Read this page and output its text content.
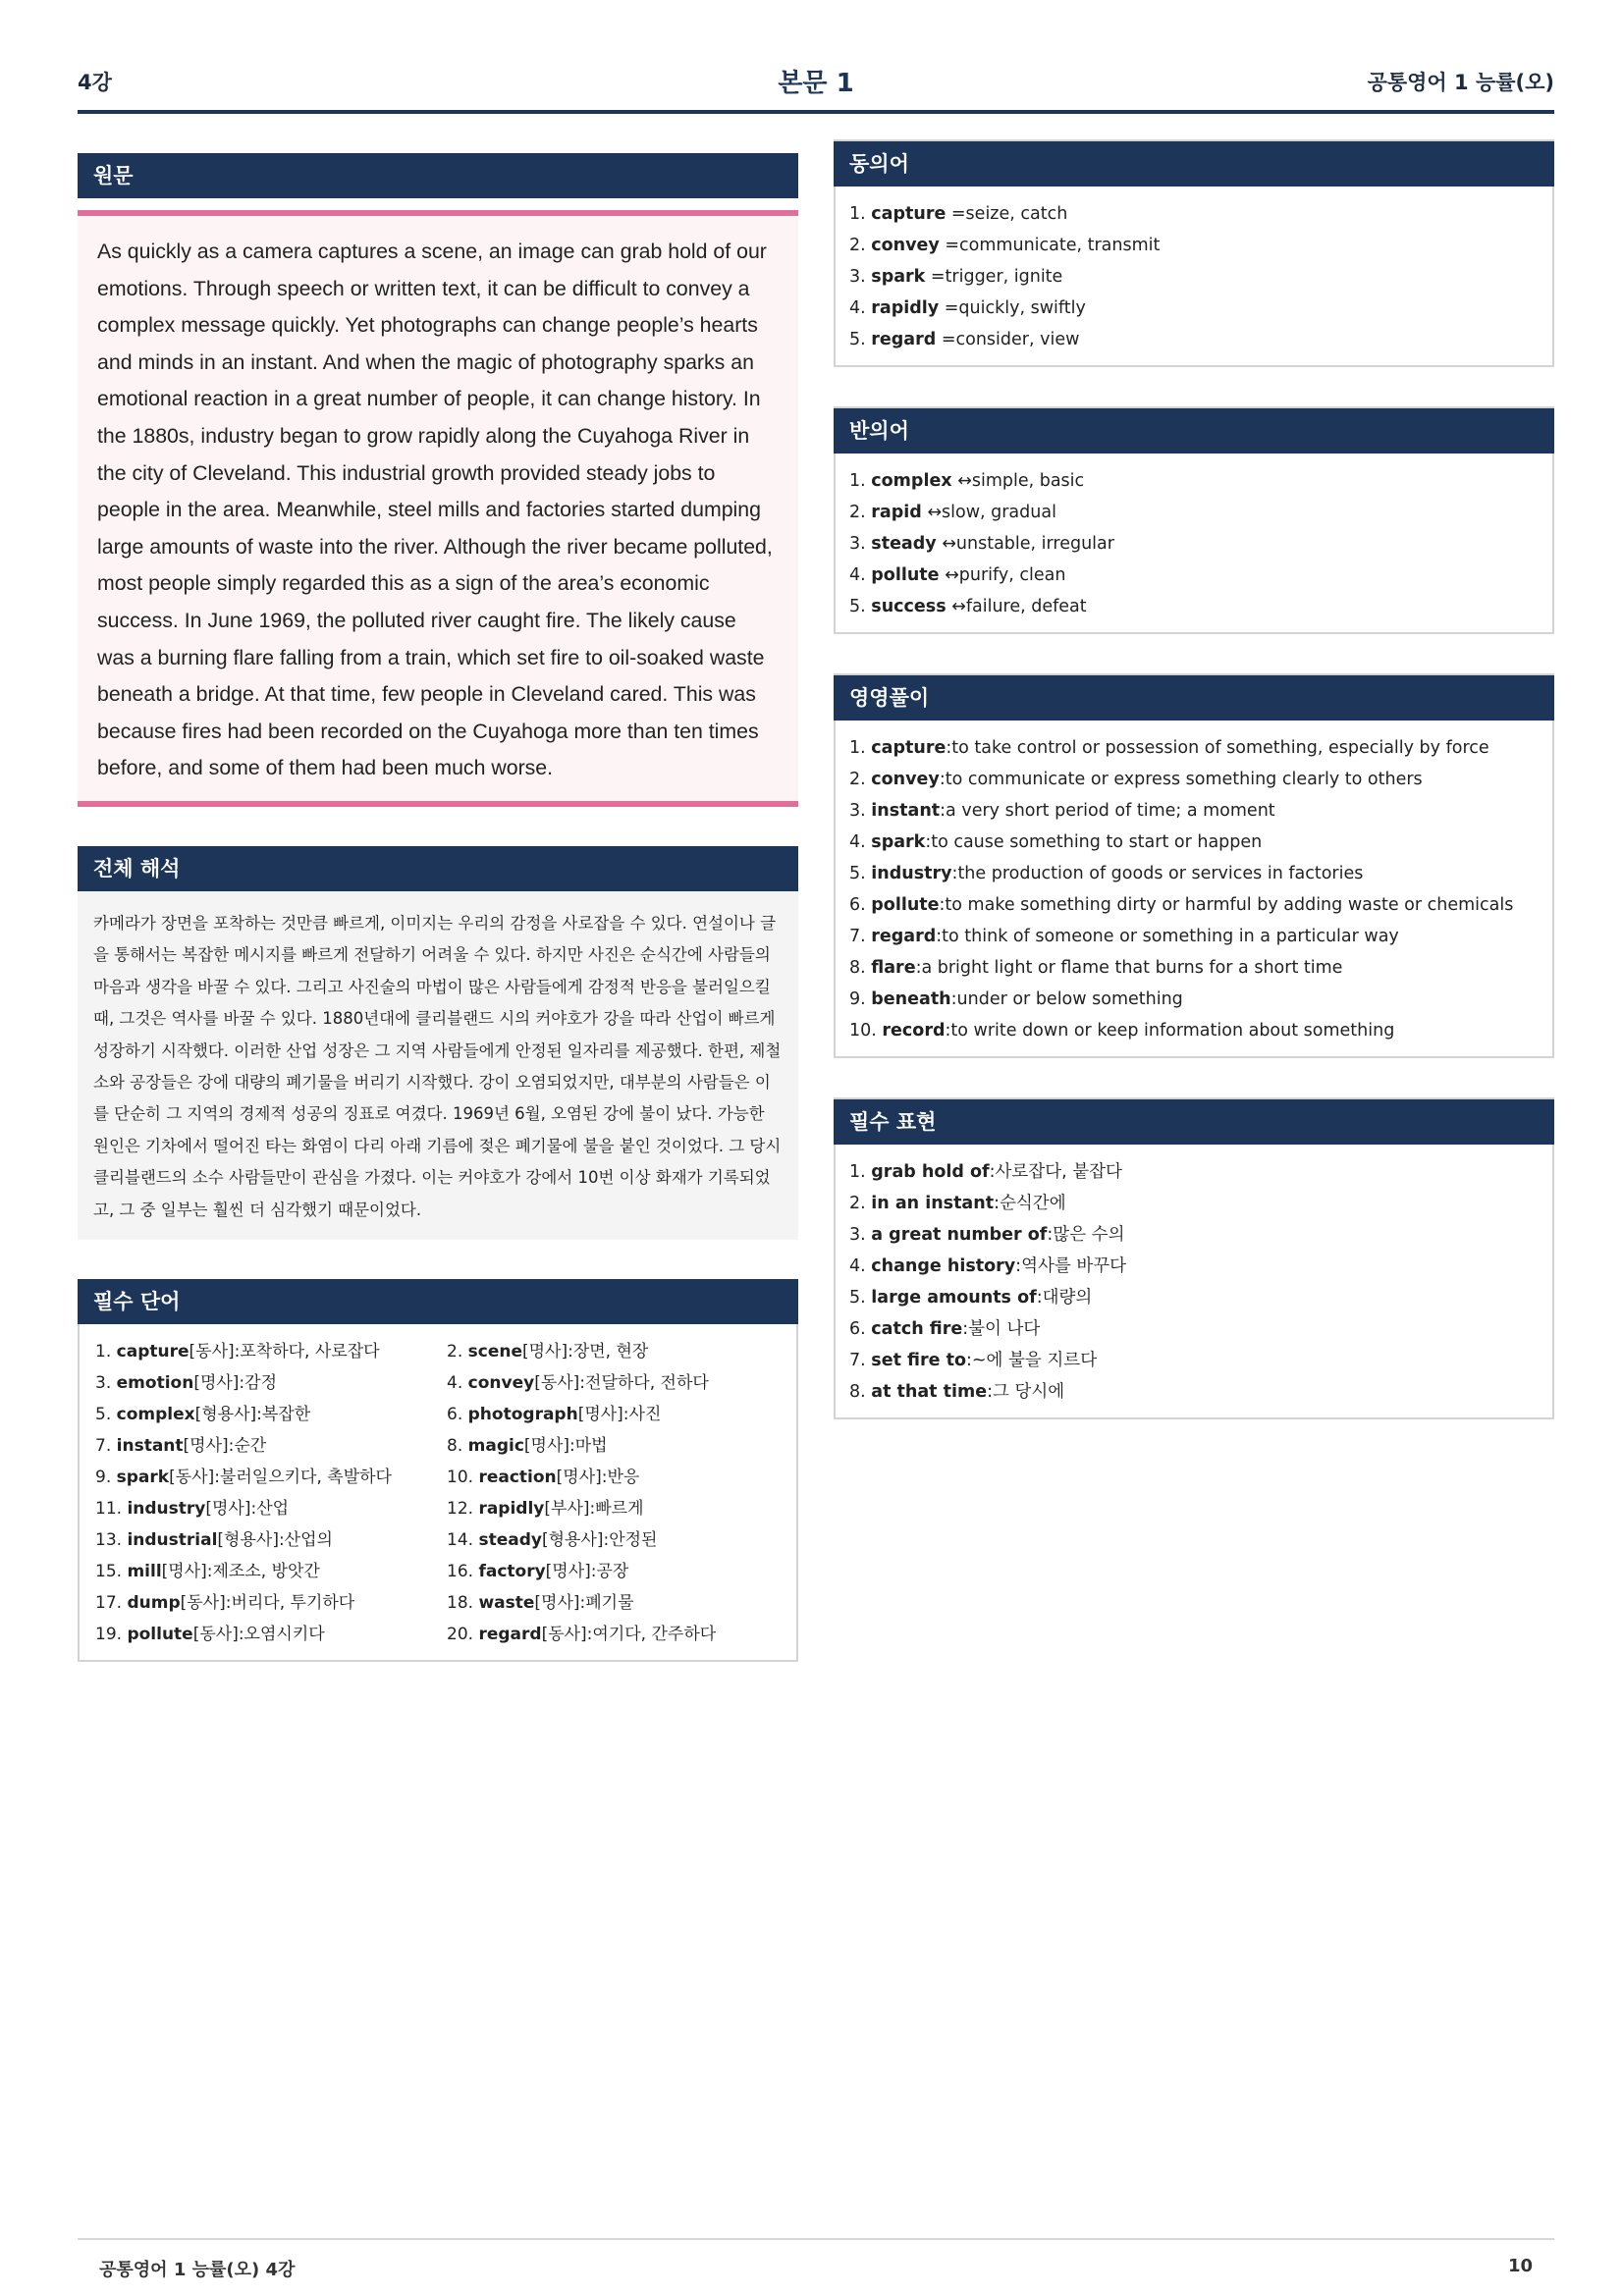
4강	본문 1	공통영어 1 능률(오)
원문
As quickly as a camera captures a scene, an image can grab hold of our emotions. Through speech or written text, it can be difficult to convey a complex message quickly. Yet photographs can change people’s hearts and minds in an instant. And when the magic of photography sparks an emotional reaction in a great number of people, it can change history. In the 1880s, industry began to grow rapidly along the Cuyahoga River in the city of Cleveland. This industrial growth provided steady jobs to people in the area. Meanwhile, steel mills and factories started dumping large amounts of waste into the river. Although the river became polluted, most people simply regarded this as a sign of the area’s economic success. In June 1969, the polluted river caught fire. The likely cause was a burning flare falling from a train, which set fire to oil-soaked waste beneath a bridge. At that time, few people in Cleveland cared. This was because fires had been recorded on the Cuyahoga more than ten times before, and some of them had been much worse.
전체 해석
카메라가 장면을 포착하는 것만큼 빠르게, 이미지는 우리의 감정을 사로잡을 수 있다. 연설이나 글을 통해서는 복잡한 메시지를 빠르게 전달하기 어려울 수 있다. 하지만 사진은 순식간에 사람들의 마음과 생각을 바꿀 수 있다. 그리고 사진술의 마법이 많은 사람들에게 감정적 반응을 불러일으킬 때, 그것은 역사를 바꿀 수 있다. 1880년대에 클리블랜드 시의 커야호가 강을 따라 산업이 빠르게 성장하기 시작했다. 이러한 산업 성장은 그 지역 사람들에게 안정된 일자리를 제공했다. 한편, 제철소와 공장들은 강에 대량의 폐기물을 버리기 시작했다. 강이 오염되었지만, 대부분의 사람들은 이를 단순히 그 지역의 경제적 성공의 징표로 여겼다. 1969년 6월, 오염된 강에 불이 났다. 가능한 원인은 기차에서 떨어진 타는 화염이 다리 아래 기름에 젖은 폐기물에 불을 붙인 것이었다. 그 당시 클리블랜드의 소수 사람들만이 관심을 가졌다. 이는 커야호가 강에서 10번 이상 화재가 기록되었고, 그 중 일부는 훨씬 더 심각했기 때문이었다.
필수 단어
1. capture[동사]:포착하다, 사로잡다	2. scene[명사]:장면, 현장
3. emotion[명사]:감정	4. convey[동사]:전달하다, 전하다
5. complex[형용사]:복잡한	6. photograph[명사]:사진
7. instant[명사]:순간	8. magic[명사]:마법
9. spark[동사]:불러일으키다, 촉발하다	10. reaction[명사]:반응
11. industry[명사]:산업	12. rapidly[부사]:빠르게
13. industrial[형용사]:산업의	14. steady[형용사]:안정된
15. mill[명사]:제조소, 방앗간	16. factory[명사]:공장
17. dump[동사]:버리다, 투기하다	18. waste[명사]:폐기물
19. pollute[동사]:오염시키다	20. regard[동사]:여기다, 간주하다
동의어
1. capture =seize, catch
2. convey =communicate, transmit
3. spark =trigger, ignite
4. rapidly =quickly, swiftly
5. regard =consider, view
반의어
1. complex ↔simple, basic
2. rapid ↔slow, gradual
3. steady ↔unstable, irregular
4. pollute ↔purify, clean
5. success ↔failure, defeat
영영풀이
1. capture:to take control or possession of something, especially by force
2. convey:to communicate or express something clearly to others
3. instant:a very short period of time; a moment
4. spark:to cause something to start or happen
5. industry:the production of goods or services in factories
6. pollute:to make something dirty or harmful by adding waste or chemicals
7. regard:to think of someone or something in a particular way
8. flare:a bright light or flame that burns for a short time
9. beneath:under or below something
10. record:to write down or keep information about something
필수 표현
1. grab hold of:사로잡다, 붙잡다
2. in an instant:순식간에
3. a great number of:많은 수의
4. change history:역사를 바꾸다
5. large amounts of:대량의
6. catch fire:불이 나다
7. set fire to:~에 불을 지르다
8. at that time:그 당시에
공통영어 1 능률(오) 4강	10
